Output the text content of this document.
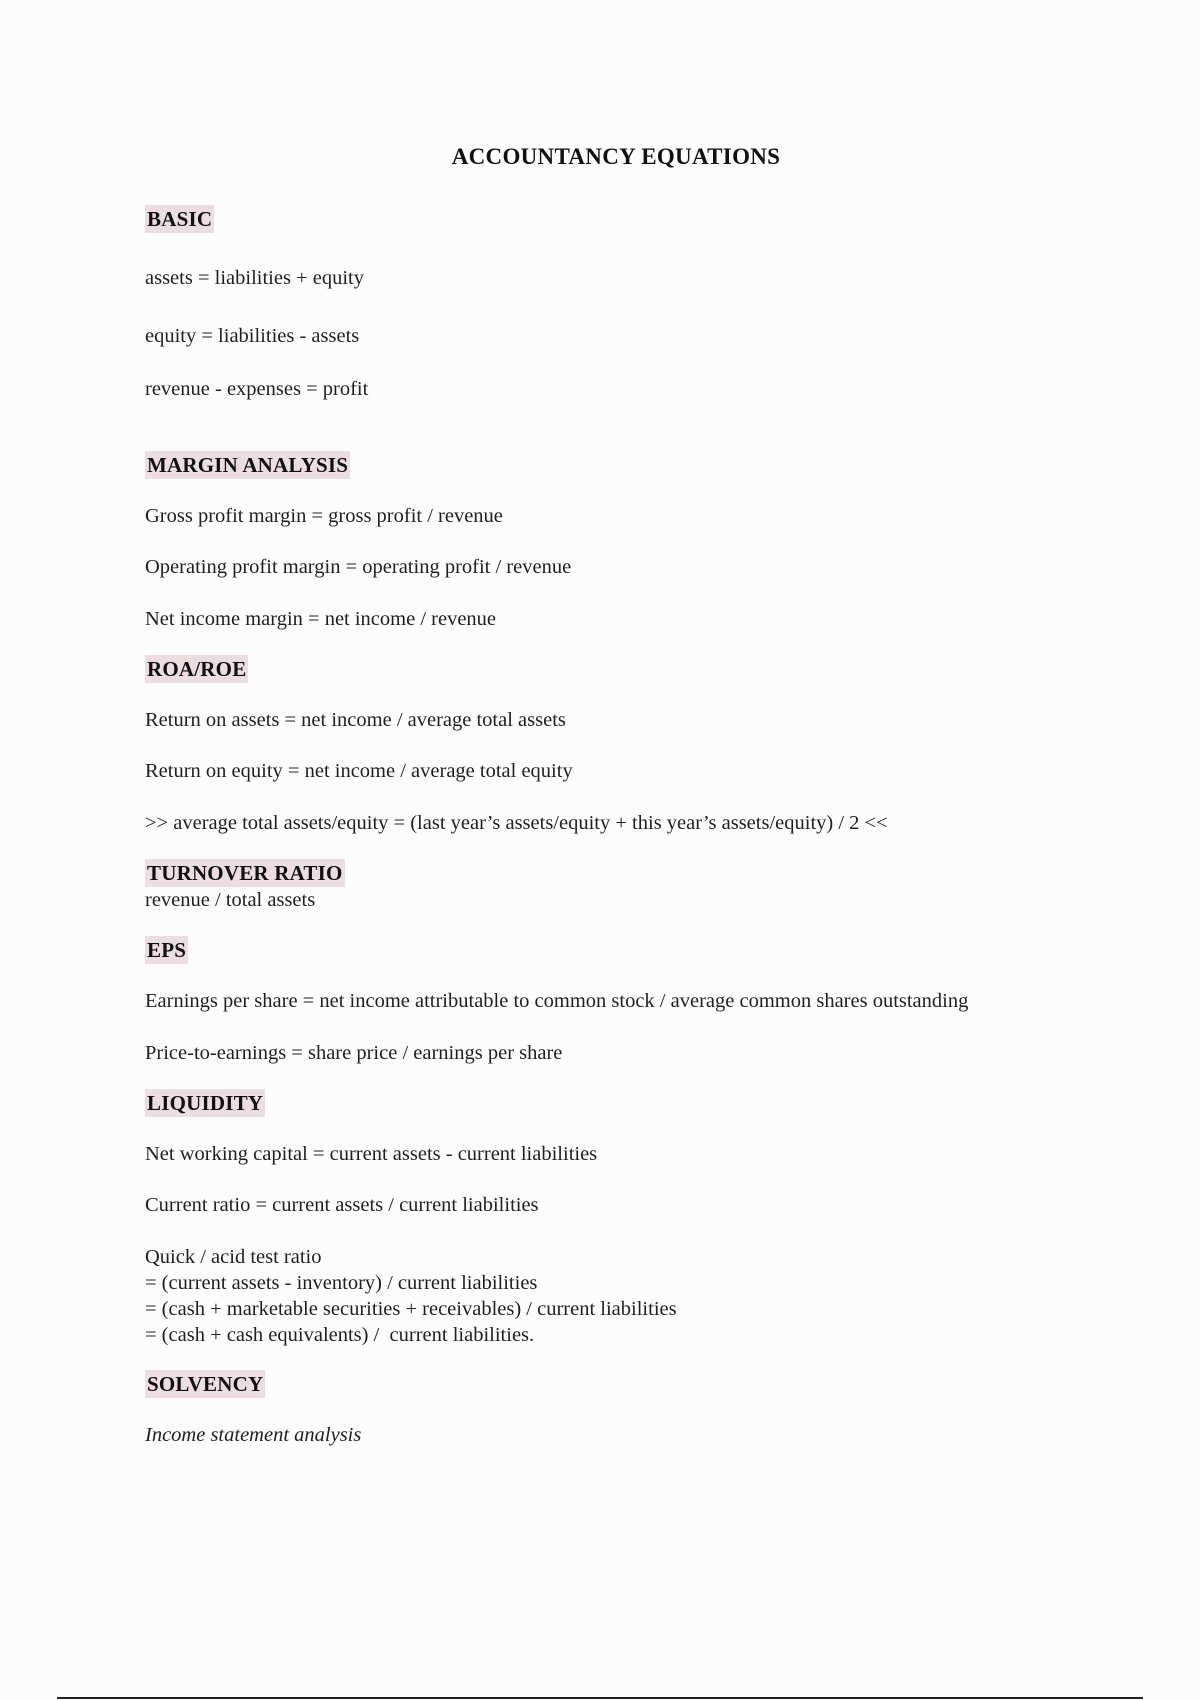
ACCOUNTANCY EQUATIONS
BASIC
assets = liabilities + equity
equity = liabilities - assets
revenue - expenses = profit
MARGIN ANALYSIS
Gross profit margin = gross profit / revenue
Operating profit margin = operating profit / revenue
Net income margin = net income / revenue
ROA/ROE
Return on assets = net income / average total assets
Return on equity = net income / average total equity
>> average total assets/equity = (last year’s assets/equity + this year’s assets/equity) / 2 <<
TURNOVER RATIO
revenue / total assets
EPS
Earnings per share = net income attributable to common stock / average common shares outstanding
Price-to-earnings = share price / earnings per share
LIQUIDITY
Net working capital = current assets - current liabilities
Current ratio = current assets / current liabilities
Quick / acid test ratio
= (current assets - inventory) / current liabilities
= (cash + marketable securities + receivables) / current liabilities
= (cash + cash equivalents) /  current liabilities.
SOLVENCY
Income statement analysis
